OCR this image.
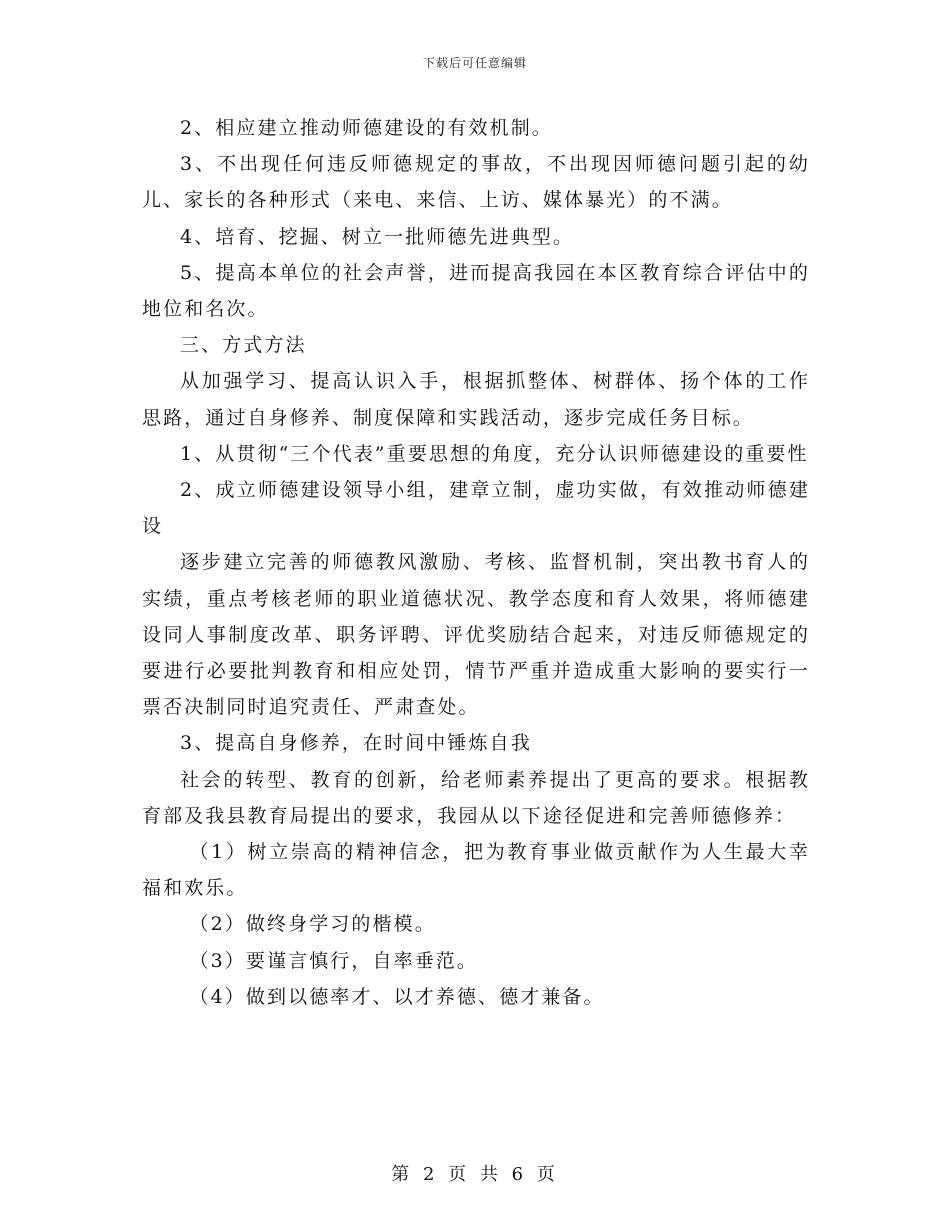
下载后可任意编辑

2、相应建立推动师德建设的有效机制。

3、不出现任何违反师德规定的事故，不出现因师德问题引起的幼儿、家长的各种形式（来电、来信、上访、媒体暴光）的不满。

4、培育、挖掘、树立一批师德先进典型。

5、提高本单位的社会声誉，进而提高我园在本区教育综合评估中的地位和名次。

三、方式方法

从加强学习、提高认识入手，根据抓整体、树群体、扬个体的工作思路，通过自身修养、制度保障和实践活动，逐步完成任务目标。

1、从贯彻“三个代表”重要思想的角度，充分认识师德建设的重要性

2、成立师德建设领导小组，建章立制，虚功实做，有效推动师德建设

逐步建立完善的师德教风激励、考核、监督机制，突出教书育人的实绩，重点考核老师的职业道德状况、教学态度和育人效果，将师德建设同人事制度改革、职务评聘、评优奖励结合起来，对违反师德规定的要进行必要批判教育和相应处罚，情节严重并造成重大影响的要实行一票否决制同时追究责任、严肃查处。

3、提高自身修养，在时间中锤炼自我

社会的转型、教育的创新，给老师素养提出了更高的要求。根据教育部及我县教育局提出的要求，我园从以下途径促进和完善师德修养：

（1）树立崇高的精神信念，把为教育事业做贡献作为人生最大幸福和欢乐。

（2）做终身学习的楷模。

（3）要谨言慎行，自率垂范。

（4）做到以德率才、以才养德、德才兼备。

第 2 页 共 6 页
